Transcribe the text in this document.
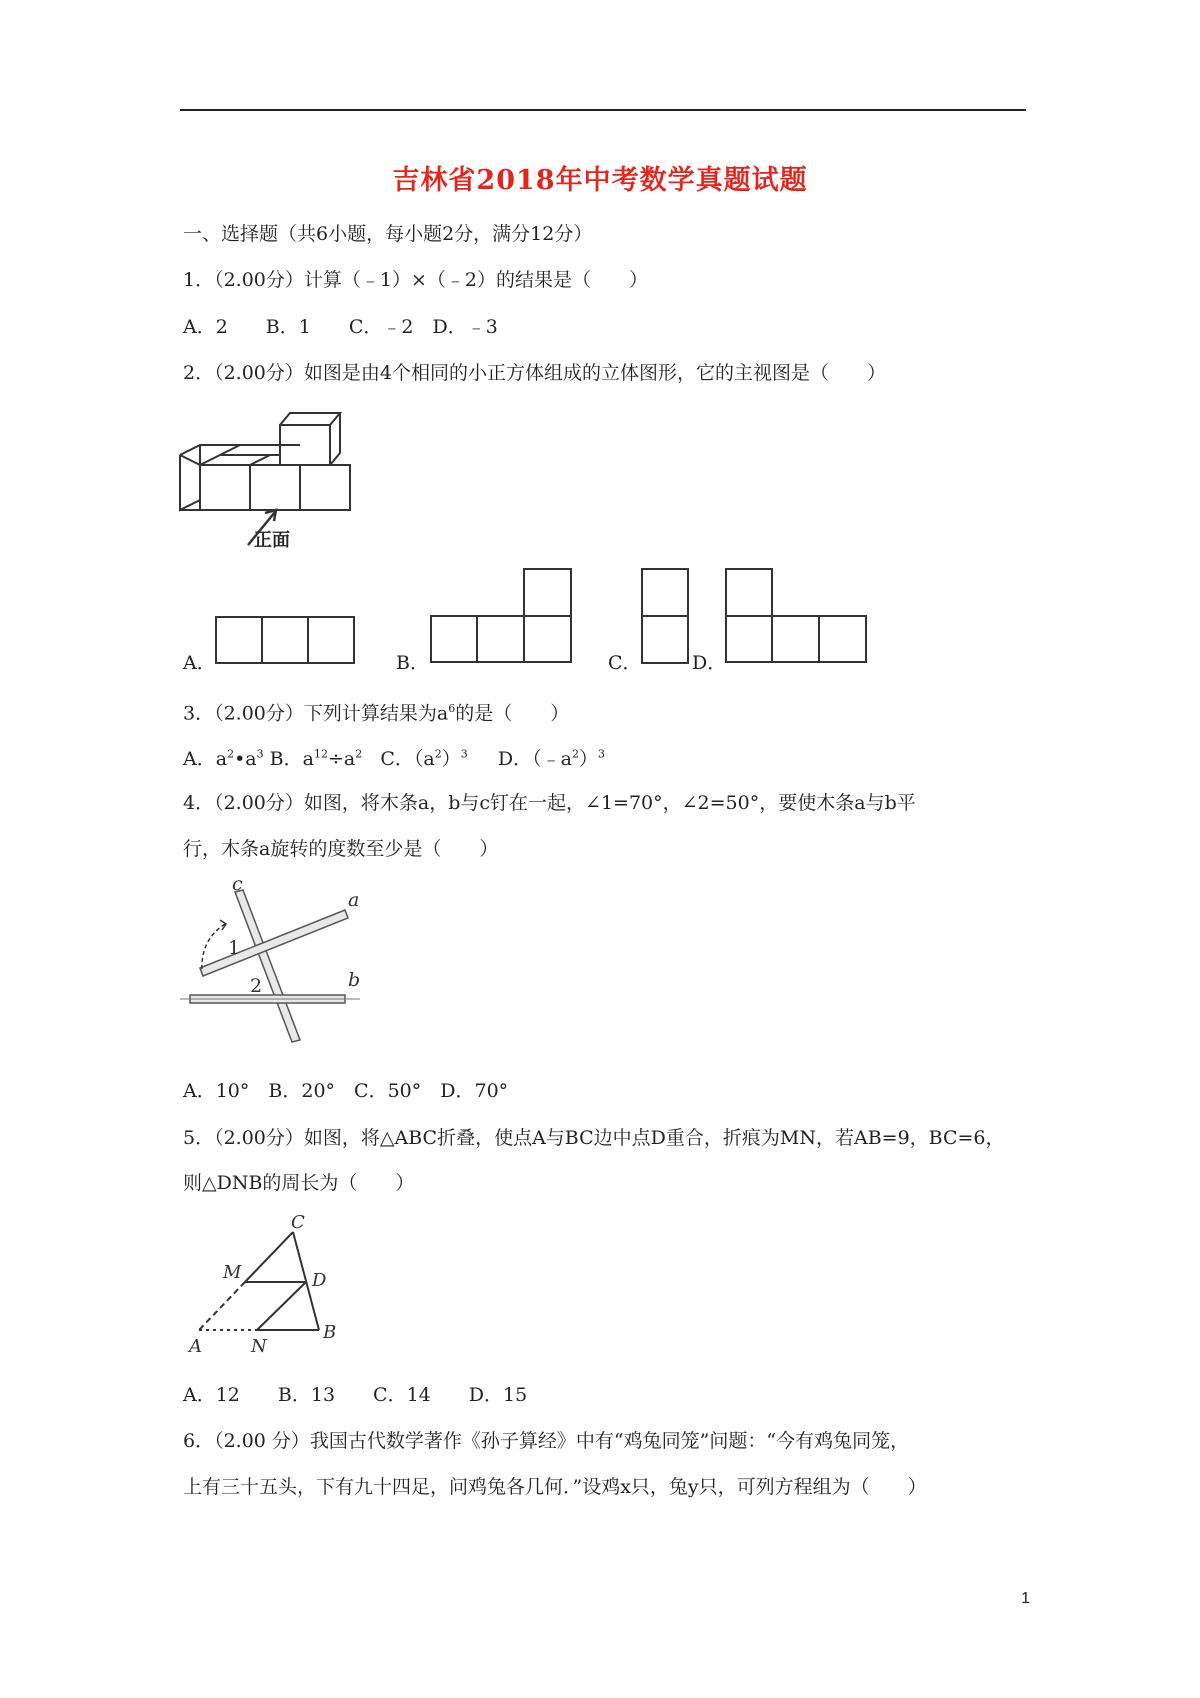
吉林省2018年中考数学真题试题
一、选择题（共6小题，每小题2分，满分12分）
1．（2.00分）计算（﹣1）×（﹣2）的结果是（　　）
A．2　　B．1　　C．﹣2　D．﹣3
2．（2.00分）如图是由4个相同的小正方体组成的立体图形，它的主视图是（　　）
正面
A．	B．	C．	D．
3．（2.00分）下列计算结果为$a^6$的是（　　）
A．$a^2•a^3$ B．$a^{12}\div a^2$ C．$(a^2)^3$ D．$(﹣a^2)^3$
4．（2.00分）如图，将木条a，b与c钉在一起，∠1=70°，∠2=50°，要使木条a与b平
行，木条a旋转的度数至少是（　　）
c
a
b
1
2
A．10°　B．20°　C．50°　D．70°
5．（2.00分）如图，将△ABC折叠，使点A与BC边中点D重合，折痕为MN，若AB=9，BC=6，
则△DNB的周长为（　　）
C
M	D
A	N
B
A．12　　B．13　　C．14　　D．15
6．（2.00 分）我国古代数学著作《孙子算经》中有“鸡兔同笼”问题：“今有鸡兔同笼，
上有三十五头，下有九十四足，问鸡兔各几何．”设鸡x只，兔y只，可列方程组为（　　）
1
